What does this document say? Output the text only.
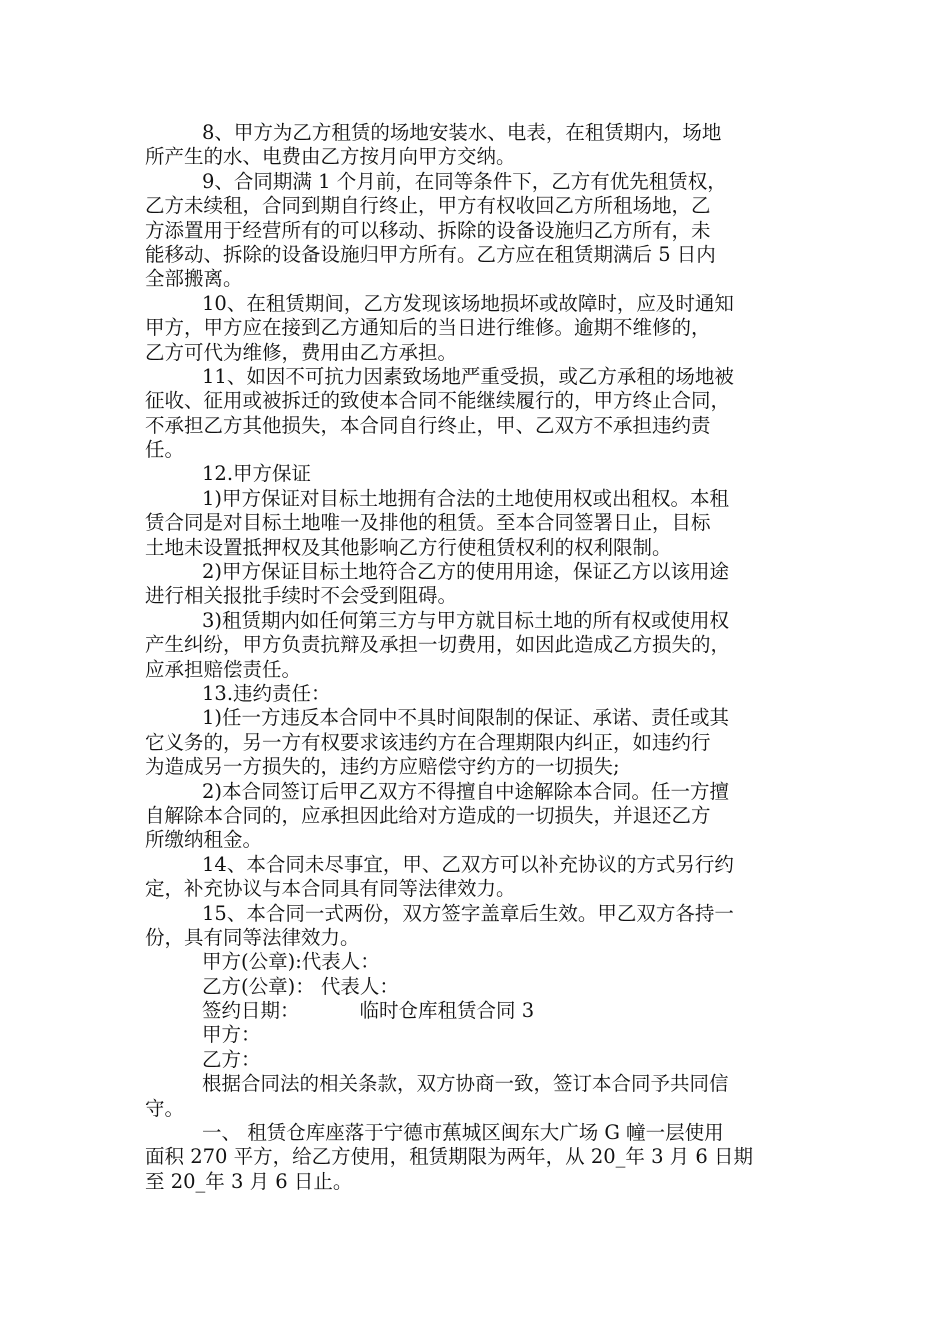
8、甲方为乙方租赁的场地安装水、电表，在租赁期内，场地
所产生的水、电费由乙方按月向甲方交纳。
9、合同期满 1 个月前，在同等条件下，乙方有优先租赁权，
乙方未续租，合同到期自行终止，甲方有权收回乙方所租场地，乙
方添置用于经营所有的可以移动、拆除的设备设施归乙方所有，未
能移动、拆除的设备设施归甲方所有。乙方应在租赁期满后 5 日内
全部搬离。
10、在租赁期间，乙方发现该场地损坏或故障时，应及时通知
甲方，甲方应在接到乙方通知后的当日进行维修。逾期不维修的，
乙方可代为维修，费用由乙方承担。
11、如因不可抗力因素致场地严重受损，或乙方承租的场地被
征收、征用或被拆迁的致使本合同不能继续履行的，甲方终止合同，
不承担乙方其他损失，本合同自行终止，甲、乙双方不承担违约责
任。
12.甲方保证
1)甲方保证对目标土地拥有合法的土地使用权或出租权。本租
赁合同是对目标土地唯一及排他的租赁。至本合同签署日止，目标
土地未设置抵押权及其他影响乙方行使租赁权利的权利限制。
2)甲方保证目标土地符合乙方的使用用途，保证乙方以该用途
进行相关报批手续时不会受到阻碍。
3)租赁期内如任何第三方与甲方就目标土地的所有权或使用权
产生纠纷，甲方负责抗辩及承担一切费用，如因此造成乙方损失的，
应承担赔偿责任。
13.违约责任：
1)任一方违反本合同中不具时间限制的保证、承诺、责任或其
它义务的，另一方有权要求该违约方在合理期限内纠正，如违约行
为造成另一方损失的，违约方应赔偿守约方的一切损失;
2)本合同签订后甲乙双方不得擅自中途解除本合同。任一方擅
自解除本合同的，应承担因此给对方造成的一切损失，并退还乙方
所缴纳租金。
14、本合同未尽事宜，甲、乙双方可以补充协议的方式另行约
定，补充协议与本合同具有同等法律效力。
15、本合同一式两份，双方签字盖章后生效。甲乙双方各持一
份，具有同等法律效力。
甲方(公章):代表人：
乙方(公章)： 代表人：
签约日期：	临时仓库租赁合同 3
甲方：
乙方：
根据合同法的相关条款，双方协商一致，签订本合同予共同信
守。
一、 租赁仓库座落于宁德市蕉城区闽东大广场 G 幢一层使用
面积 270 平方，给乙方使用，租赁期限为两年，从 20_年 3 月 6 日期
至 20_年 3 月 6 日止。
